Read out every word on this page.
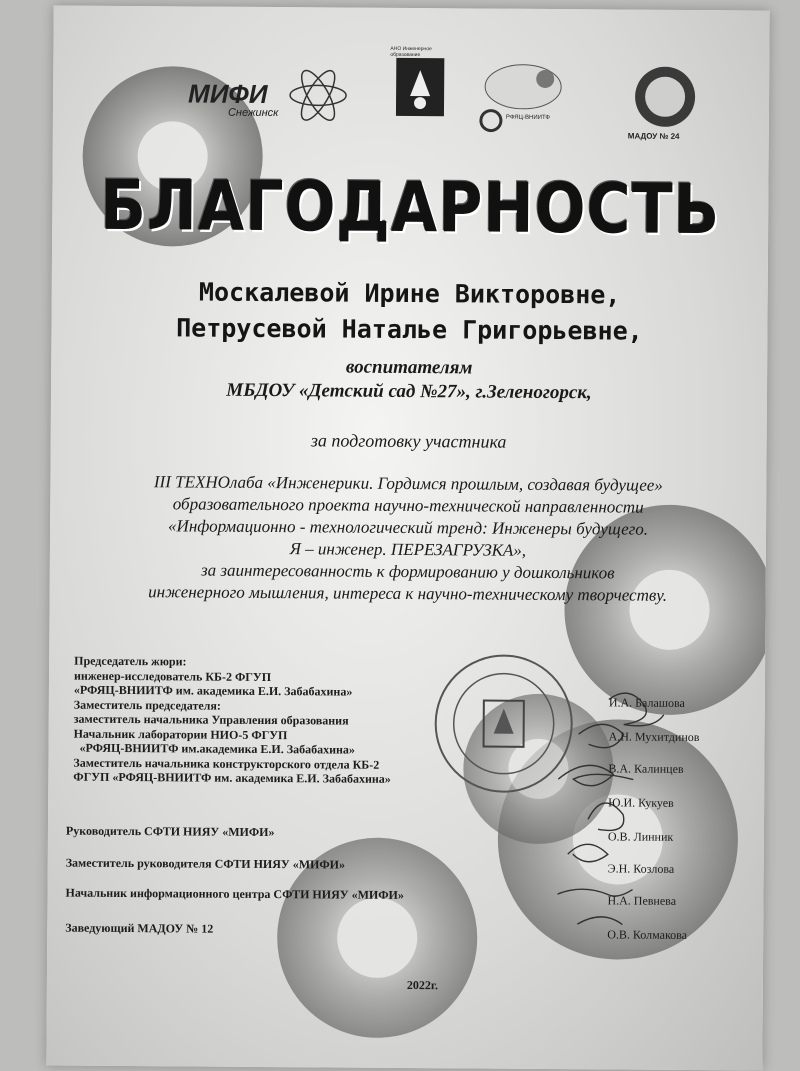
МИФИ
Снежинск
АНО Инженерное образование
РФЯЦ-ВНИИТФ
МАДОУ № 24
БЛАГОДАРНОСТЬ
Москалевой Ирине Викторовне,
Петрусевой Наталье Григорьевне,
воспитателям
МБДОУ «Детский сад №27», г.Зеленогорск,
за подготовку участника
III ТЕХНОлаба «Инженерики. Гордимся прошлым, создавая будущее»
образовательного проекта научно-технической направленности
«Информационно - технологический тренд: Инженеры будущего.
Я – инженер. ПЕРЕЗАГРУЗКА»,
за заинтересованность к формированию у дошкольников
инженерного мышления, интереса к научно-техническому творчеству.
Председатель жюри:
инженер-исследователь КБ-2 ФГУП
«РФЯЦ-ВНИИТФ им. академика Е.И. Забабахина»
Заместитель председателя:
заместитель начальника Управления образования
Начальник лаборатории НИО-5 ФГУП
«РФЯЦ-ВНИИТФ им.академика Е.И. Забабахина»
Заместитель начальника конструкторского отдела КБ-2
ФГУП «РФЯЦ-ВНИИТФ им. академика Е.И. Забабахина»
Руководитель СФТИ НИЯУ «МИФИ»
Заместитель руководителя СФТИ НИЯУ «МИФИ»
Начальник информационного центра СФТИ НИЯУ «МИФИ»
Заведующий МАДОУ № 12
И.А. Балашова
А.Н. Мухитдинов
В.А. Калинцев
Ю.И. Кукуев
О.В. Линник
Э.Н. Козлова
Н.А. Певнева
О.В. Колмакова
2022г.
